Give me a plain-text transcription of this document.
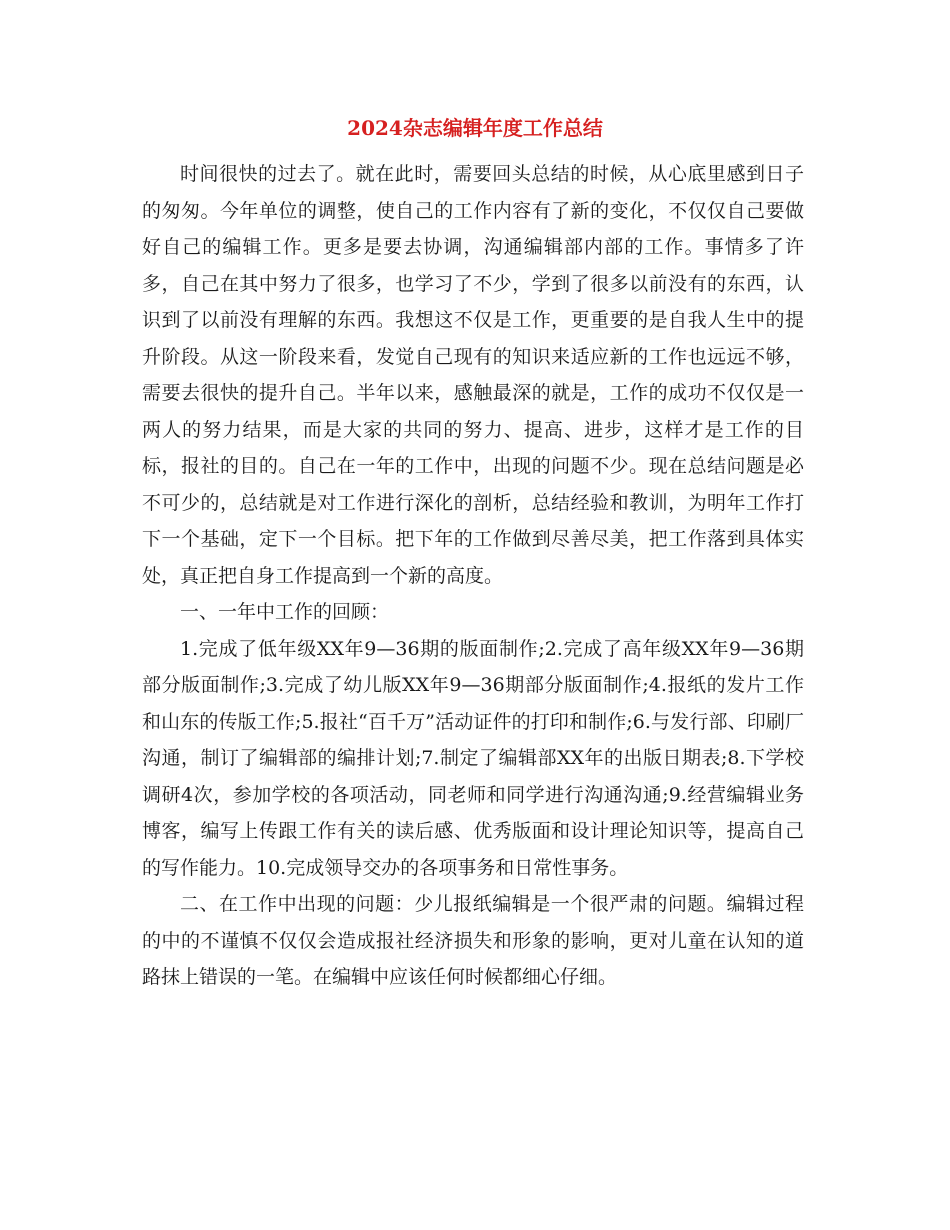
2024杂志编辑年度工作总结

时间很快的过去了。就在此时，需要回头总结的时候，从心底里感到日子的匆匆。今年单位的调整，使自己的工作内容有了新的变化，不仅仅自己要做好自己的编辑工作。更多是要去协调，沟通编辑部内部的工作。事情多了许多，自己在其中努力了很多，也学习了不少，学到了很多以前没有的东西，认识到了以前没有理解的东西。我想这不仅是工作，更重要的是自我人生中的提升阶段。从这一阶段来看，发觉自己现有的知识来适应新的工作也远远不够，需要去很快的提升自己。半年以来，感触最深的就是，工作的成功不仅仅是一两人的努力结果，而是大家的共同的努力、提高、进步，这样才是工作的目标，报社的目的。自己在一年的工作中，出现的问题不少。现在总结问题是必不可少的，总结就是对工作进行深化的剖析，总结经验和教训，为明年工作打下一个基础，定下一个目标。把下年的工作做到尽善尽美，把工作落到具体实处，真正把自身工作提高到一个新的高度。

一、一年中工作的回顾：

1.完成了低年级XX年9—36期的版面制作;2.完成了高年级XX年9—36期部分版面制作;3.完成了幼儿版XX年9—36期部分版面制作;4.报纸的发片工作和山东的传版工作;5.报社“百千万”活动证件的打印和制作;6.与发行部、印刷厂沟通，制订了编辑部的编排计划;7.制定了编辑部XX年的出版日期表;8.下学校调研4次，参加学校的各项活动，同老师和同学进行沟通沟通;9.经营编辑业务博客，编写上传跟工作有关的读后感、优秀版面和设计理论知识等，提高自己的写作能力。10.完成领导交办的各项事务和日常性事务。

二、在工作中出现的问题：少儿报纸编辑是一个很严肃的问题。编辑过程的中的不谨慎不仅仅会造成报社经济损失和形象的影响，更对儿童在认知的道路抹上错误的一笔。在编辑中应该任何时候都细心仔细。
